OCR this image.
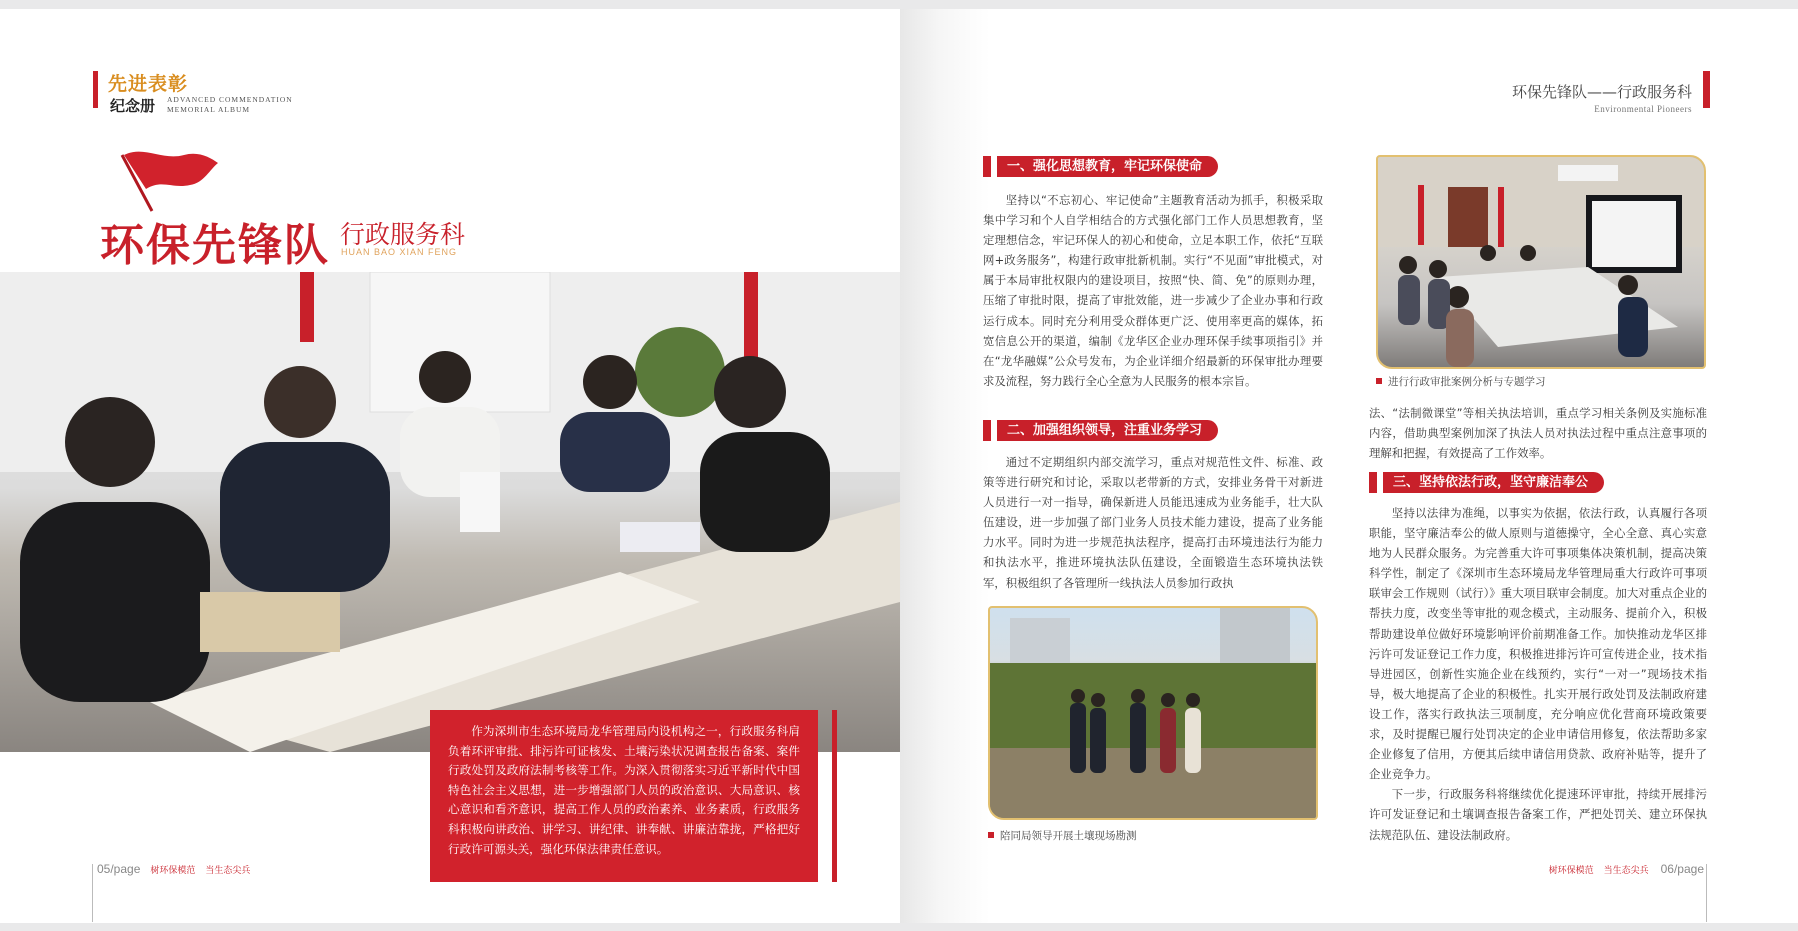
先进表彰
纪念册 ADVANCED COMMENDATION
MEMORIAL ALBUM
环保先锋队 行政服务科
HUAN BAO XIAN FENG

作为深圳市生态环境局龙华管理局内设机构之一，行政服务科肩负着环评审批、排污许可证核发、土壤污染状况调查报告备案、案件行政处罚及政府法制考核等工作。为深入贯彻落实习近平新时代中国特色社会主义思想，进一步增强部门人员的政治意识、大局意识、核心意识和看齐意识，提高工作人员的政治素养、业务素质，行政服务科积极向讲政治、讲学习、讲纪律、讲奉献、讲廉洁靠拢，严格把好行政许可源头关，强化环保法律责任意识。

05/page 树环保模范 当生态尖兵
环保先锋队——行政服务科
Environmental Pioneers
一、强化思想教育，牢记环保使命

坚持以“不忘初心、牢记使命”主题教育活动为抓手，积极采取集中学习和个人自学相结合的方式强化部门工作人员思想教育，坚定理想信念，牢记环保人的初心和使命，立足本职工作，依托“互联网+政务服务”，构建行政审批新机制。实行“不见面”审批模式，对属于本局审批权限内的建设项目，按照“快、简、免”的原则办理，压缩了审批时限，提高了审批效能，进一步减少了企业办事和行政运行成本。同时充分利用受众群体更广泛、使用率更高的媒体，拓宽信息公开的渠道，编制《龙华区企业办理环保手续事项指引》并在“龙华融媒”公众号发布，为企业详细介绍最新的环保审批办理要求及流程，努力践行全心全意为人民服务的根本宗旨。

二、加强组织领导，注重业务学习

通过不定期组织内部交流学习，重点对规范性文件、标准、政策等进行研究和讨论，采取以老带新的方式，安排业务骨干对新进人员进行一对一指导，确保新进人员能迅速成为业务能手，壮大队伍建设，进一步加强了部门业务人员技术能力建设，提高了业务能力水平。同时为进一步规范执法程序，提高打击环境违法行为能力和执法水平，推进环境执法队伍建设，全面锻造生态环境执法铁军，积极组织了各管理所一线执法人员参加行政执

陪同局领导开展土壤现场勘测
进行行政审批案例分析与专题学习

法、“法制微课堂”等相关执法培训，重点学习相关条例及实施标准内容，借助典型案例加深了执法人员对执法过程中重点注意事项的理解和把握，有效提高了工作效率。

三、坚持依法行政，坚守廉洁奉公

坚持以法律为准绳，以事实为依据，依法行政，认真履行各项职能，坚守廉洁奉公的做人原则与道德操守，全心全意、真心实意地为人民群众服务。为完善重大许可事项集体决策机制，提高决策科学性，制定了《深圳市生态环境局龙华管理局重大行政许可事项联审会工作规则（试行）》重大项目联审会制度。加大对重点企业的帮扶力度，改变坐等审批的观念模式，主动服务、提前介入，积极帮助建设单位做好环境影响评价前期准备工作。加快推动龙华区排污许可发证登记工作力度，积极推进排污许可宣传进企业，技术指导进园区，创新性实施企业在线预约，实行“一对一”现场技术指导，极大地提高了企业的积极性。扎实开展行政处罚及法制政府建设工作，落实行政执法三项制度，充分响应优化营商环境政策要求，及时提醒已履行处罚决定的企业申请信用修复，依法帮助多家企业修复了信用，方便其后续申请信用贷款、政府补贴等，提升了企业竞争力。

下一步，行政服务科将继续优化提速环评审批，持续开展排污许可发证登记和土壤调查报告备案工作，严把处罚关、建立环保执法规范队伍、建设法制政府。

树环保模范 当生态尖兵 06/page
